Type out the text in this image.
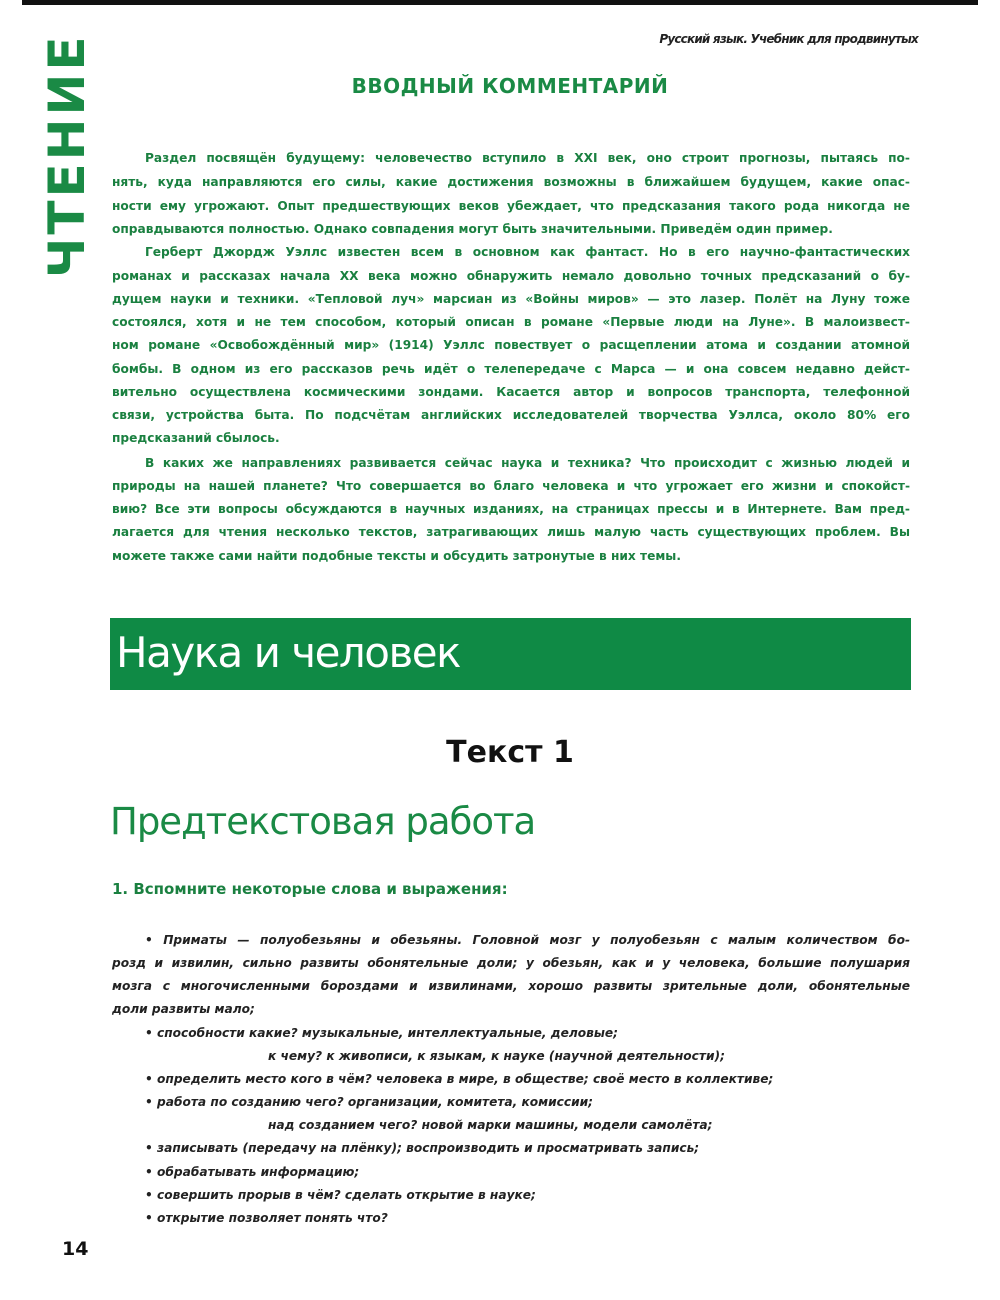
Русский язык. Учебник для продвинутых
ЧТЕНИЕ	ВВОДНЫЙ КОММЕНТАРИЙ
Раздел посвящён будущему: человечество вступило в XXI век, оно строит прогнозы, пытаясь по-
нять, куда направляются его силы, какие достижения возможны в ближайшем будущем, какие опас-
ности ему угрожают. Опыт предшествующих веков убеждает, что предсказания такого рода никогда не
оправдываются полностью. Однако совпадения могут быть значительными. Приведём один пример.
Герберт Джордж Уэллс известен всем в основном как фантаст. Но в его научно-фантастических
романах и рассказах начала XX века можно обнаружить немало довольно точных предсказаний о бу-
дущем науки и техники. «Тепловой луч» марсиан из «Войны миров» — это лазер. Полёт на Луну тоже
состоялся, хотя и не тем способом, который описан в романе «Первые люди на Луне». В малоизвест-
ном романе «Освобождённый мир» (1914) Уэллс повествует о расщеплении атома и создании атомной
бомбы. В одном из его рассказов речь идёт о телепередаче с Марса — и она совсем недавно дейст-
вительно осуществлена космическими зондами. Касается автор и вопросов транспорта, телефонной
связи, устройства быта. По подсчётам английских исследователей творчества Уэллса, около 80% его
предсказаний сбылось.
В каких же направлениях развивается сейчас наука и техника? Что происходит с жизнью людей и
природы на нашей планете? Что совершается во благо человека и что угрожает его жизни и спокойст-
вию? Все эти вопросы обсуждаются в научных изданиях, на страницах прессы и в Интернете. Вам пред-
лагается для чтения несколько текстов, затрагивающих лишь малую часть существующих проблем. Вы
можете также сами найти подобные тексты и обсудить затронутые в них темы.
Наука и человек
Текст 1
Предтекстовая работа
1. Вспомните некоторые слова и выражения:
• Приматы — полуобезьяны и обезьяны. Головной мозг у полуобезьян с малым количеством бо-
розд и извилин, сильно развиты обонятельные доли; у обезьян, как и у человека, большие полушария
мозга с многочисленными бороздами и извилинами, хорошо развиты зрительные доли, обонятельные
доли развиты мало;
• способности какие? музыкальные, интеллектуальные, деловые;
к чему? к живописи, к языкам, к науке (научной деятельности);
• определить место кого в чём? человека в мире, в обществе; своё место в коллективе;
• работа по созданию чего? организации, комитета, комиссии;
над созданием чего? новой марки машины, модели самолёта;
• записывать (передачу на плёнку); воспроизводить и просматривать запись;
• обрабатывать информацию;
• совершить прорыв в чём? сделать открытие в науке;
• открытие позволяет понять что?
14
